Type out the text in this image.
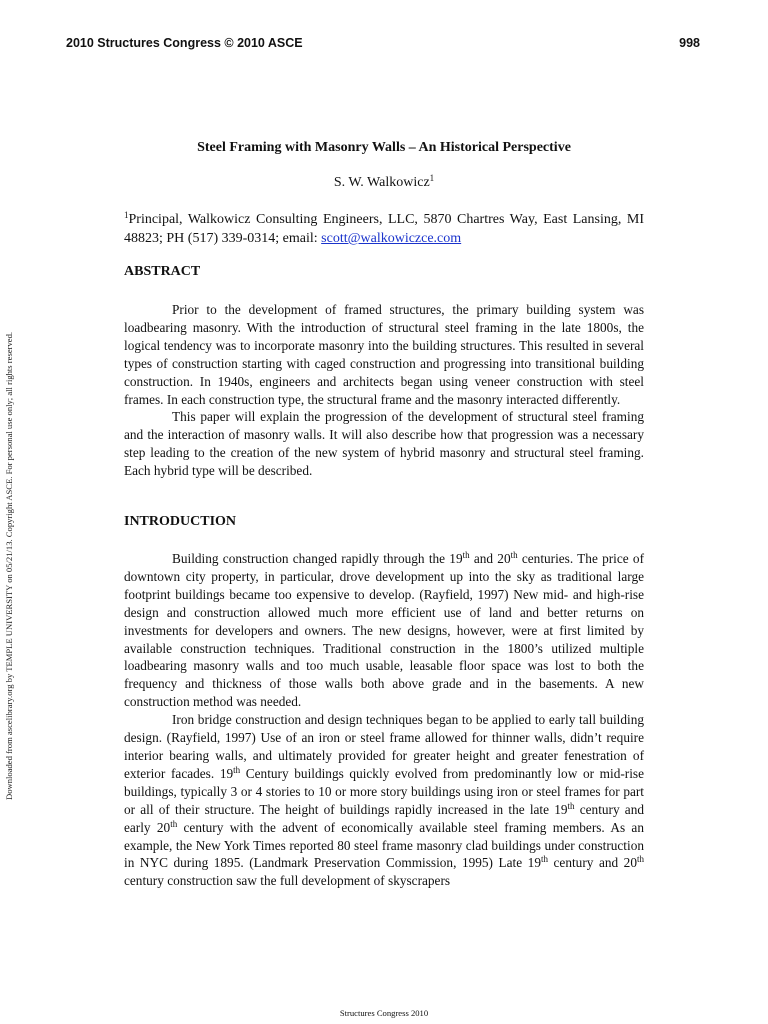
2010 Structures Congress © 2010 ASCE	998
Downloaded from ascelibrary.org by TEMPLE UNIVERSITY on 05/21/13. Copyright ASCE. For personal use only; all rights reserved.
Steel Framing with Masonry Walls – An Historical Perspective
S. W. Walkowicz$^1$
$^1$Principal, Walkowicz Consulting Engineers, LLC, 5870 Chartres Way, East Lansing, MI 48823; PH (517) 339-0314; email: scott@walkowiczce.com
ABSTRACT

Prior to the development of framed structures, the primary building system was loadbearing masonry. With the introduction of structural steel framing in the late 1800s, the logical tendency was to incorporate masonry into the building structures. This resulted in several types of construction starting with caged construction and progressing into transitional building construction. In 1940s, engineers and architects began using veneer construction with steel frames. In each construction type, the structural frame and the masonry interacted differently.

This paper will explain the progression of the development of structural steel framing and the interaction of masonry walls. It will also describe how that progression was a necessary step leading to the creation of the new system of hybrid masonry and structural steel framing. Each hybrid type will be described.

INTRODUCTION

Building construction changed rapidly through the 19th and 20th centuries. The price of downtown city property, in particular, drove development up into the sky as traditional large footprint buildings became too expensive to develop. (Rayfield, 1997) New mid- and high-rise design and construction allowed much more efficient use of land and better returns on investments for developers and owners. The new designs, however, were at first limited by available construction techniques. Traditional construction in the 1800’s utilized multiple loadbearing masonry walls and too much usable, leasable floor space was lost to both the frequency and thickness of those walls both above grade and in the basements. A new construction method was needed.

Iron bridge construction and design techniques began to be applied to early tall building design. (Rayfield, 1997) Use of an iron or steel frame allowed for thinner walls, didn’t require interior bearing walls, and ultimately provided for greater height and greater fenestration of exterior facades. 19th Century buildings quickly evolved from predominantly low or mid-rise buildings, typically 3 or 4 stories to 10 or more story buildings using iron or steel frames for part or all of their structure. The height of buildings rapidly increased in the late 19th century and early 20th century with the advent of economically available steel framing members. As an example, the New York Times reported 80 steel frame masonry clad buildings under construction in NYC during 1895. (Landmark Preservation Commission, 1995) Late 19th century and 20th century construction saw the full development of skyscrapers

Structures Congress 2010
